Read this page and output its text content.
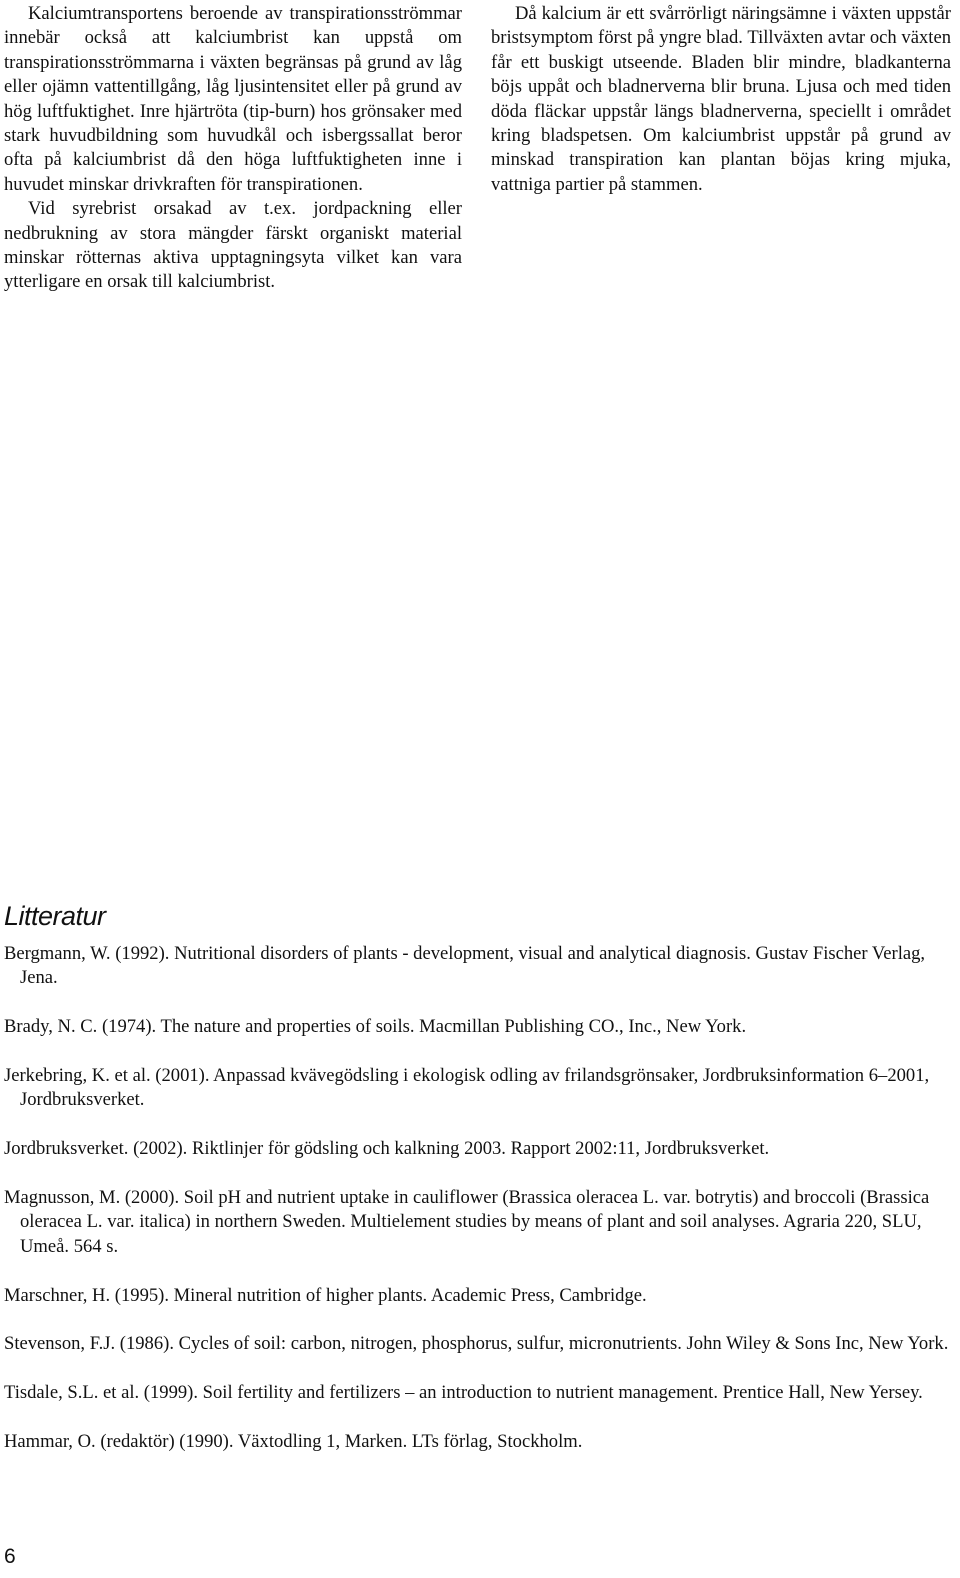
Kalciumtransportens beroende av transpirationsströmmar innebär också att kalciumbrist kan uppstå om transpirationsströmmarna i växten begränsas på grund av låg eller ojämn vattentillgång, låg ljusintensitet eller på grund av hög luftfuktighet. Inre hjärtröta (tip-burn) hos grönsaker med stark huvudbildning som huvudkål och isbergssallat beror ofta på kalciumbrist då den höga luftfuktigheten inne i huvudet minskar drivkraften för transpirationen.

Vid syrebrist orsakad av t.ex. jordpackning eller nedbrukning av stora mängder färskt organiskt material minskar rötternas aktiva upptagningsyta vilket kan vara ytterligare en orsak till kalciumbrist.

Då kalcium är ett svårrörligt näringsämne i växten uppstår bristsymptom först på yngre blad. Tillväxten avtar och växten får ett buskigt utseende. Bladen blir mindre, bladkanterna böjs uppåt och bladnerverna blir bruna. Ljusa och med tiden döda fläckar uppstår längs bladnerverna, speciellt i området kring bladspetsen. Om kalciumbrist uppstår på grund av minskad transpiration kan plantan böjas kring mjuka, vattniga partier på stammen.

Litteratur
Bergmann, W. (1992). Nutritional disorders of plants - development, visual and analytical diagnosis. Gustav Fischer Verlag, Jena.
Brady, N. C. (1974). The nature and properties of soils. Macmillan Publishing CO., Inc., New York.
Jerkebring, K. et al. (2001). Anpassad kvävegödsling i ekologisk odling av frilandsgrönsaker, Jordbruksinformation 6–2001, Jordbruksverket.
Jordbruksverket. (2002). Riktlinjer för gödsling och kalkning 2003. Rapport 2002:11, Jordbruksverket.
Magnusson, M. (2000). Soil pH and nutrient uptake in cauliflower (Brassica oleracea L. var. botrytis) and broccoli (Brassica oleracea L. var. italica) in northern Sweden. Multielement studies by means of plant and soil analyses. Agraria 220, SLU, Umeå. 564 s.
Marschner, H. (1995). Mineral nutrition of higher plants. Academic Press, Cambridge.
Stevenson, F.J. (1986). Cycles of soil: carbon, nitrogen, phosphorus, sulfur, micronutrients. John Wiley & Sons Inc, New York.
Tisdale, S.L. et al. (1999). Soil fertility and fertilizers – an introduction to nutrient management. Prentice Hall, New Yersey.
Hammar, O. (redaktör) (1990). Växtodling 1, Marken. LTs förlag, Stockholm.
6
